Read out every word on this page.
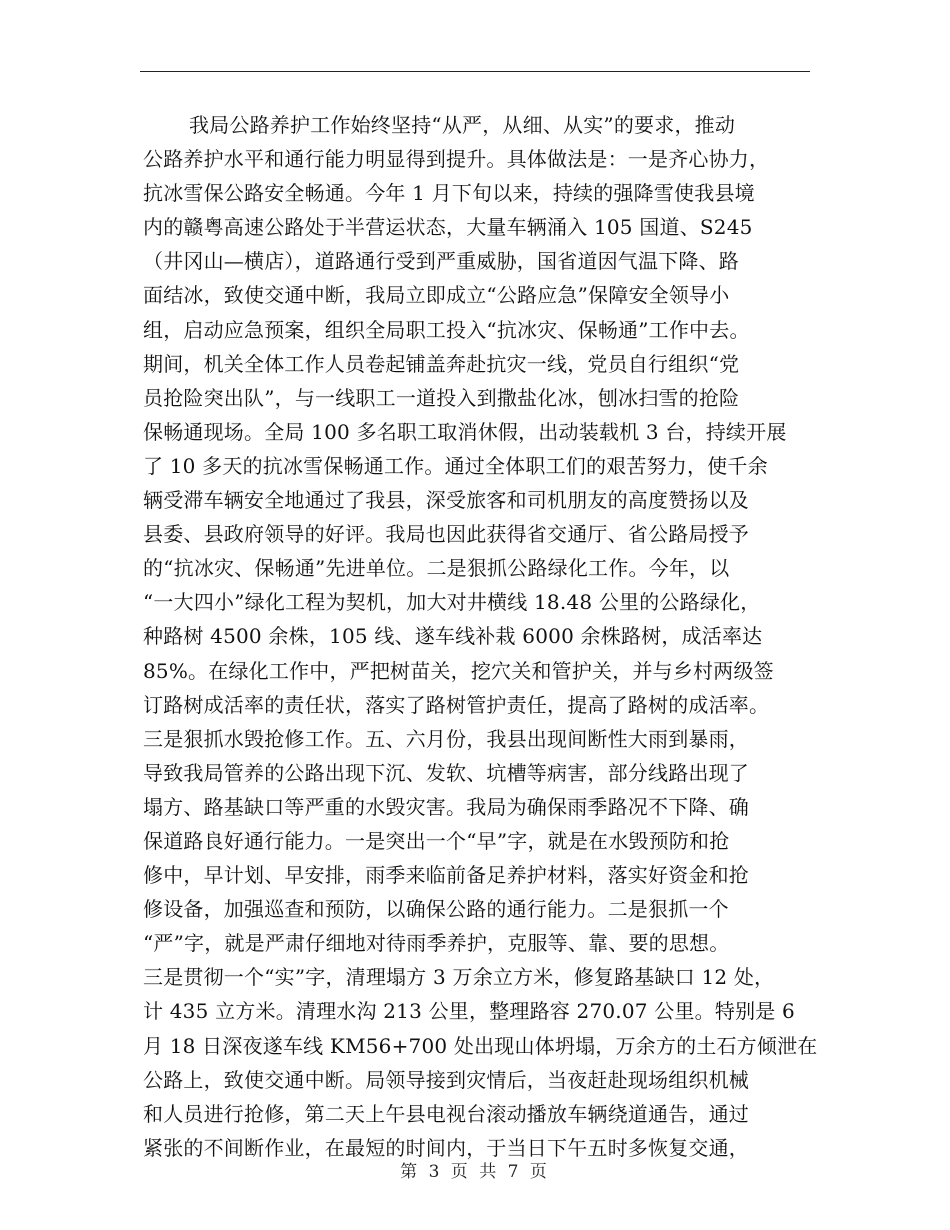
我局公路养护工作始终坚持“从严，从细、从实”的要求，推动
公路养护水平和通行能力明显得到提升。具体做法是：一是齐心协力，
抗冰雪保公路安全畅通。今年 1 月下旬以来，持续的强降雪使我县境
内的赣粤高速公路处于半营运状态，大量车辆涌入 105 国道、S245
（井冈山—横店），道路通行受到严重威胁，国省道因气温下降、路
面结冰，致使交通中断，我局立即成立“公路应急”保障安全领导小
组，启动应急预案，组织全局职工投入“抗冰灾、保畅通”工作中去。
期间，机关全体工作人员卷起铺盖奔赴抗灾一线，党员自行组织“党
员抢险突出队”，与一线职工一道投入到撒盐化冰，刨冰扫雪的抢险
保畅通现场。全局 100 多名职工取消休假，出动装载机 3 台，持续开展
了 10 多天的抗冰雪保畅通工作。通过全体职工们的艰苦努力，使千余
辆受滞车辆安全地通过了我县，深受旅客和司机朋友的高度赞扬以及
县委、县政府领导的好评。我局也因此获得省交通厅、省公路局授予
的“抗冰灾、保畅通”先进单位。二是狠抓公路绿化工作。今年，以
“一大四小”绿化工程为契机，加大对井横线 18.48 公里的公路绿化，
种路树 4500 余株，105 线、遂车线补栽 6000 余株路树，成活率达
85%。在绿化工作中，严把树苗关，挖穴关和管护关，并与乡村两级签
订路树成活率的责任状，落实了路树管护责任，提高了路树的成活率。
三是狠抓水毁抢修工作。五、六月份，我县出现间断性大雨到暴雨，
导致我局管养的公路出现下沉、发软、坑槽等病害，部分线路出现了
塌方、路基缺口等严重的水毁灾害。我局为确保雨季路况不下降、确
保道路良好通行能力。一是突出一个“早”字，就是在水毁预防和抢
修中，早计划、早安排，雨季来临前备足养护材料，落实好资金和抢
修设备，加强巡查和预防，以确保公路的通行能力。二是狠抓一个
“严”字，就是严肃仔细地对待雨季养护，克服等、靠、要的思想。
三是贯彻一个“实”字，清理塌方 3 万余立方米，修复路基缺口 12 处，
计 435 立方米。清理水沟 213 公里，整理路容 270.07 公里。特别是 6
月 18 日深夜遂车线 KM56+700 处出现山体坍塌，万余方的土石方倾泄在
公路上，致使交通中断。局领导接到灾情后，当夜赶赴现场组织机械
和人员进行抢修，第二天上午县电视台滚动播放车辆绕道通告，通过
紧张的不间断作业，在最短的时间内，于当日下午五时多恢复交通，
第 3 页 共 7 页
